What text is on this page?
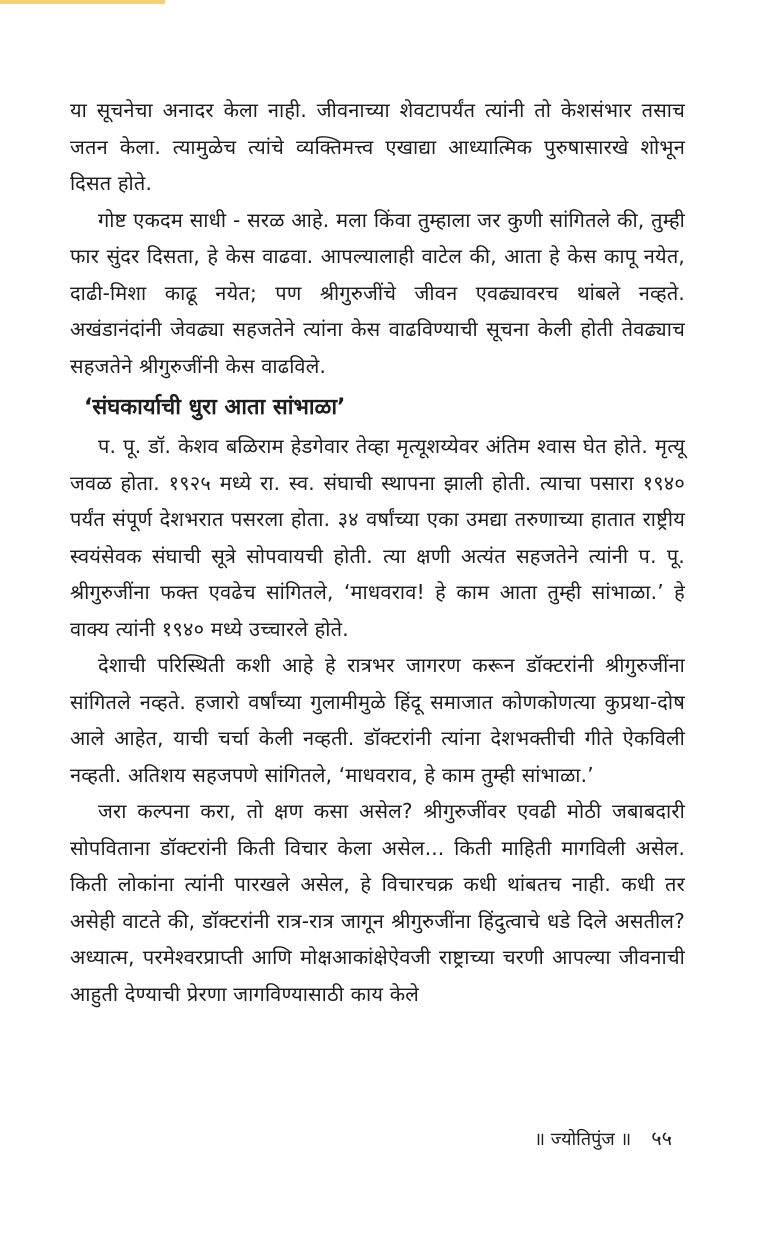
या सूचनेचा अनादर केला नाही. जीवनाच्या शेवटापर्यंत त्यांनी तो केशसंभार तसाच जतन केला. त्यामुळेच त्यांचे व्यक्तिमत्त्व एखाद्या आध्यात्मिक पुरुषासारखे शोभून दिसत होते.

गोष्ट एकदम साधी - सरळ आहे. मला किंवा तुम्हाला जर कुणी सांगितले की, तुम्ही फार सुंदर दिसता, हे केस वाढवा. आपल्यालाही वाटेल की, आता हे केस कापू नयेत, दाढी-मिशा काढू नयेत; पण श्रीगुरुजींचे जीवन एवढ्यावरच थांबले नव्हते. अखंडानंदांनी जेवढ्या सहजतेने त्यांना केस वाढविण्याची सूचना केली होती तेवढ्याच सहजतेने श्रीगुरुजींनी केस वाढविले.

‘संघकार्याची धुरा आता सांभाळा’

प. पू. डॉ. केशव बळिराम हेडगेवार तेव्हा मृत्यूशय्येवर अंतिम श्‍वास घेत होते. मृत्यू जवळ होता. १९२५ मध्ये रा. स्व. संघाची स्थापना झाली होती. त्याचा पसारा १९४० पर्यंत संपूर्ण देशभरात पसरला होता. ३४ वर्षांच्या एका उमद्या तरुणाच्या हातात राष्ट्रीय स्वयंसेवक संघाची सूत्रे सोपवायची होती. त्या क्षणी अत्यंत सहजतेने त्यांनी प. पू. श्रीगुरुजींना फक्त एवढेच सांगितले, ‘माधवराव! हे काम आता तुम्ही सांभाळा.’ हे वाक्य त्यांनी १९४० मध्ये उच्चारले होते.

देशाची परिस्थिती कशी आहे हे रात्रभर जागरण करून डॉक्टरांनी श्रीगुरुजींना सांगितले नव्हते. हजारो वर्षांच्या गुलामीमुळे हिंदू समाजात कोणकोणत्या कुप्रथा-दोष आले आहेत, याची चर्चा केली नव्हती. डॉक्टरांनी त्यांना देशभक्तीची गीते ऐकविली नव्हती. अतिशय सहजपणे सांगितले, ‘माधवराव, हे काम तुम्ही सांभाळा.’

जरा कल्पना करा, तो क्षण कसा असेल? श्रीगुरुजींवर एवढी मोठी जबाबदारी सोपविताना डॉक्टरांनी किती विचार केला असेल... किती माहिती मागविली असेल. किती लोकांना त्यांनी पारखले असेल, हे विचारचक्र कधी थांबतच नाही. कधी तर असेही वाटते की, डॉक्टरांनी रात्र-रात्र जागून श्रीगुरुजींना हिंदुत्वाचे धडे दिले असतील? अध्यात्म, परमेश्‍वरप्राप्ती आणि मोक्षआकांक्षेऐवजी राष्ट्राच्या चरणी आपल्या जीवनाची आहुती देण्याची प्रेरणा जागविण्यासाठी काय केले

॥ ज्योतिपुंज ॥ ५५
